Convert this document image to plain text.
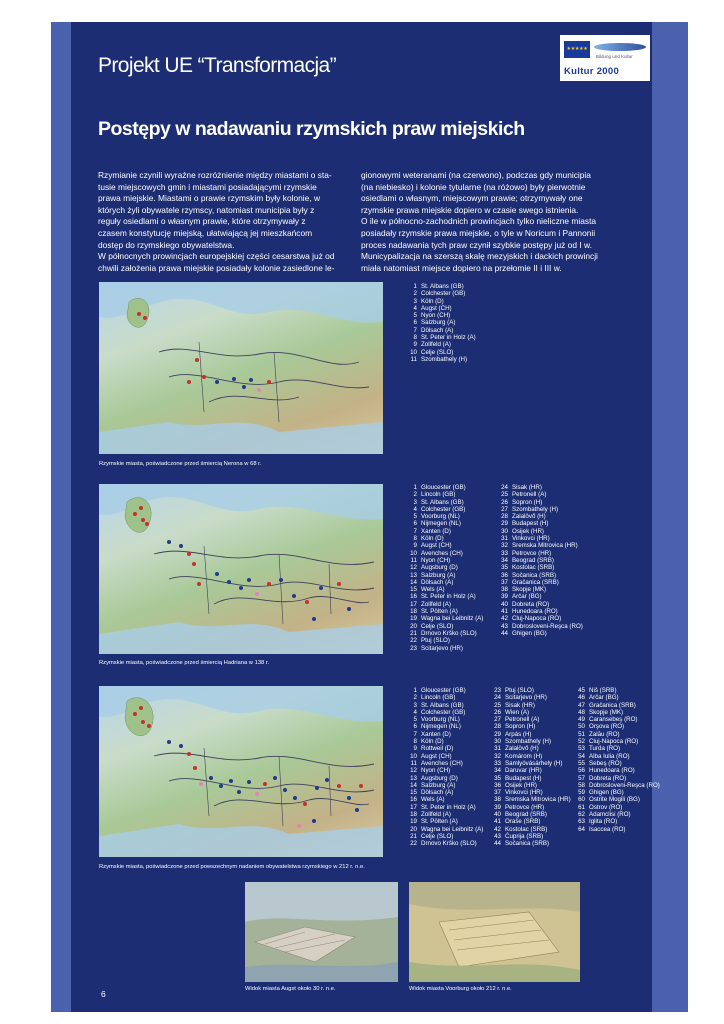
Projekt UE “Transformacja”
★★★★★
Bildung und Kultur
Kultur 2000
Postępy w nadawaniu rzymskich praw miejskich

Rzymianie czynili wyraźne rozróżnienie między miastami o sta-

tusie miejscowych gmin i miastami posiadającymi rzymskie

prawa miejskie. Miastami o prawie rzymskim były kolonie, w

których żyli obywatele rzymscy, natomiast municipia były z

reguły osiedlami o własnym prawie, które otrzymywały z

czasem konstytucję miejską, ułatwiającą jej mieszkańcom

dostęp do rzymskiego obywatelstwa.

W północnych prowincjach europejskiej części cesarstwa już od

chwili założenia prawa miejskie posiadały kolonie zasiedlone le-

gionowymi weteranami (na czerwono), podczas gdy municipia

(na niebiesko) i kolonie tytularne (na różowo) były pierwotnie

osiedlami o własnym, miejscowym prawie; otrzymywały one

rzymskie prawa miejskie dopiero w czasie swego istnienia.

O ile w północno-zachodnich prowincjach tylko nieliczne miasta

posiadały rzymskie prawa miejskie, o tyle w Noricum i Pannonii

proces nadawania tych praw czynił szybkie postępy już od I w.

Municypalizacja na szerszą skalę mezyjskich i dackich prowincji

miała natomiast miejsce dopiero na przełomie II i III w.

Rzymskie miasta, poświadczone przed śmiercią Nerona w 68 r.
1 St. Albans (GB)
2 Colchester (GB)
3 Köln (D)
4 Augst (CH)
5 Nyon (CH)
6 Salzburg (A)
7 Dölsach (A)
8 St. Peter in Holz (A)
9 Zollfeld (A)
10 Celje (SLO)
11 Szombathely (H)
Rzymskie miasta, poświadczone przed śmiercią Hadriana w 138 r.
1 Gloucester (GB)
2 Lincoln (GB)
3 St. Albans (GB)
4 Colchester (GB)
5 Voorburg (NL)
6 Nijmegen (NL)
7 Xanten (D)
8 Köln (D)
9 Augst (CH)
10 Avenches (CH)
11 Nyon (CH)
12 Augsburg (D)
13 Salzburg (A)
14 Dölsach (A)
15 Wels (A)
16 St. Peter in Holz (A)
17 Zollfeld (A)
18 St. Pölten (A)
19 Wagna bei Leibnitz (A)
20 Celje (SLO)
21 Drnovo Krško (SLO)
22 Ptuj (SLO)
23 Scitarjevo (HR)
24 Sisak (HR)
25 Petronell (A)
26 Sopron (H)
27 Szombathely (H)
28 Zalalövő (H)
29 Budapest (H)
30 Osijek (HR)
31 Vinkovci (HR)
32 Sremska Mitrovica (HR)
33 Petrovce (HR)
34 Beograd (SRB)
35 Kostolac (SRB)
36 Sočanica (SRB)
37 Gračanica (SRB)
38 Skopje (MK)
39 Arčar (BG)
40 Dobreta (RO)
41 Hunedoara (RO)
42 Cluj-Napoca (RO)
43 Dobrosloveni-Reşca (RO)
44 Ghigen (BG)
Rzymskie miasta, poświadczone przed powszechnym nadaniem obywatelstwa rzymskiego w 212 r. n.e.
1 Gloucester (GB)
2 Lincoln (GB)
3 St. Albans (GB)
4 Colchester (GB)
5 Voorburg (NL)
6 Nijmegen (NL)
7 Xanten (D)
8 Köln (D)
9 Rottweil (D)
10 Augst (CH)
11 Avenches (CH)
12 Nyon (CH)
13 Augsburg (D)
14 Salzburg (A)
15 Dölsach (A)
16 Wels (A)
17 St. Peter in Holz (A)
18 Zollfeld (A)
19 St. Pölten (A)
20 Wagna bei Leibnitz (A)
21 Celje (SLO)
22 Drnovo Krško (SLO)
23 Ptuj (SLO)
24 Scitarjevo (HR)
25 Sisak (HR)
26 Wien (A)
27 Petronell (A)
28 Sopron (H)
29 Arpás (H)
30 Szombathely (H)
31 Zalalövő (H)
32 Komárom (H)
33 Samlyóvásárhely (H)
34 Daruvar (HR)
35 Budapest (H)
36 Osijek (HR)
37 Vinkovci (HR)
38 Sremska Mitrovica (HR)
39 Petrovce (HR)
40 Beograd (SRB)
41 Oraše (SRB)
42 Kostolac (SRB)
43 Ćuprija (SRB)
44 Sočanica (SRB)
45 Niš (SRB)
46 Arčar (BG)
47 Gračanica (SRB)
48 Skopje (MK)
49 Caransebeş (RO)
50 Orşova (RO)
51 Zalău (RO)
52 Cluj-Napoca (RO)
53 Turda (RO)
54 Alba Iulia (RO)
55 Sebeş (RO)
56 Hunedoara (RO)
57 Dobreta (RO)
58 Dobrosloveni-Reşca (RO)
59 Ghigen (BG)
60 Ostrite Mogili (BG)
61 Ostrov (RO)
62 Adamclisi (RO)
63 Iglita (RO)
64 Isaccea (RO)
Widok miasta Augst około 30 r. n.e.	Widok miasta Voorburg około 212 r. n.e.
6
